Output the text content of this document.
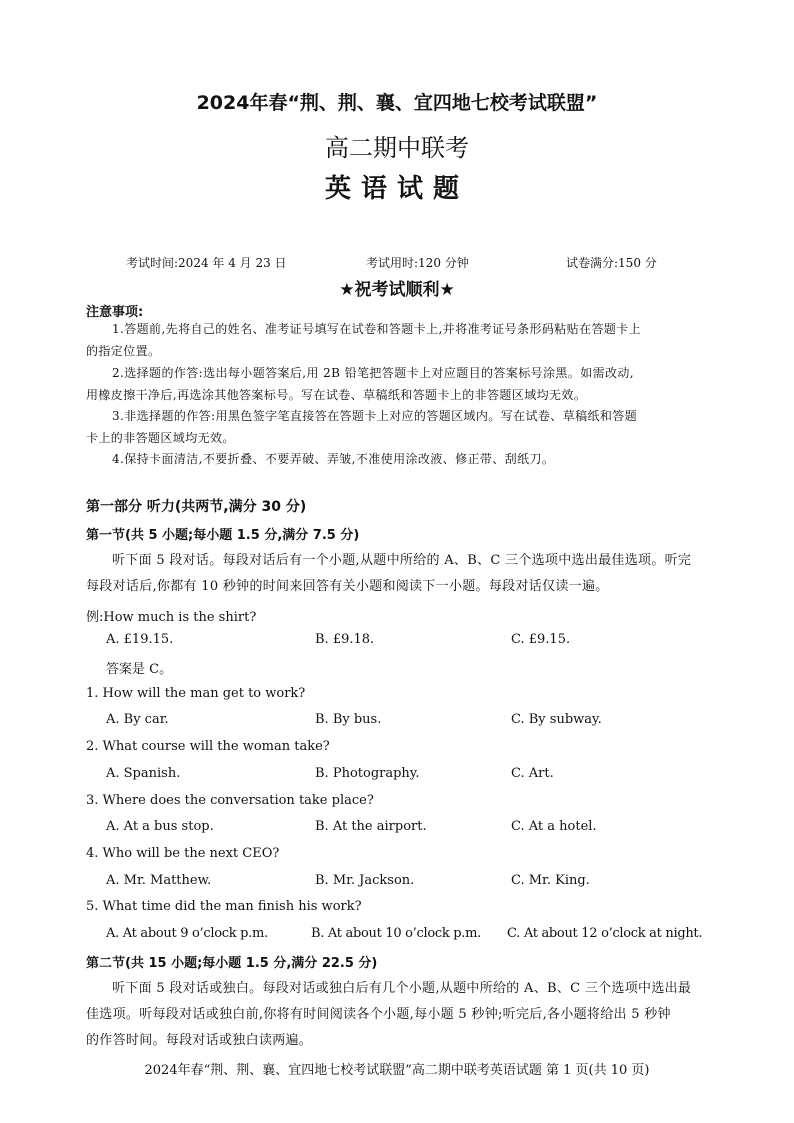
2024年春“荆、荆、襄、宜四地七校考试联盟”
高二期中联考
英语试题
考试时间:2024 年 4 月 23 日	考试用时:120 分钟	试卷满分:150 分
★祝考试顺利★
注意事项:
1.答题前,先将自己的姓名、准考证号填写在试卷和答题卡上,并将准考证号条形码粘贴在答题卡上
的指定位置。
2.选择题的作答:选出每小题答案后,用 2B 铅笔把答题卡上对应题目的答案标号涂黑。如需改动,
用橡皮擦干净后,再选涂其他答案标号。写在试卷、草稿纸和答题卡上的非答题区域均无效。
3.非选择题的作答:用黑色签字笔直接答在答题卡上对应的答题区域内。写在试卷、草稿纸和答题
卡上的非答题区域均无效。
4.保持卡面清洁,不要折叠、不要弄破、弄皱,不准使用涂改液、修正带、刮纸刀。
第一部分 听力(共两节,满分 30 分)
第一节(共 5 小题;每小题 1.5 分,满分 7.5 分)
听下面 5 段对话。每段对话后有一个小题,从题中所给的 A、B、C 三个选项中选出最佳选项。听完
每段对话后,你都有 10 秒钟的时间来回答有关小题和阅读下一小题。每段对话仅读一遍。
例:How much is the shirt?
A. £19.15.	B. £9.18.	C. £9.15.
答案是 C。
1. How will the man get to work?
A. By car.	B. By bus.	C. By subway.
2. What course will the woman take?
A. Spanish.	B. Photography.	C. Art.
3. Where does the conversation take place?
A. At a bus stop.	B. At the airport.	C. At a hotel.
4. Who will be the next CEO?
A. Mr. Matthew.	B. Mr. Jackson.	C. Mr. King.
5. What time did the man finish his work?
A. At about 9 o’clock p.m.	B. At about 10 o’clock p.m. C. At about 12 o’clock at night.
第二节(共 15 小题;每小题 1.5 分,满分 22.5 分)
听下面 5 段对话或独白。每段对话或独白后有几个小题,从题中所给的 A、B、C 三个选项中选出最
佳选项。听每段对话或独白前,你将有时间阅读各个小题,每小题 5 秒钟;听完后,各小题将给出 5 秒钟
的作答时间。每段对话或独白读两遍。
2024年春“荆、荆、襄、宜四地七校考试联盟”高二期中联考英语试题 第 1 页(共 10 页)
